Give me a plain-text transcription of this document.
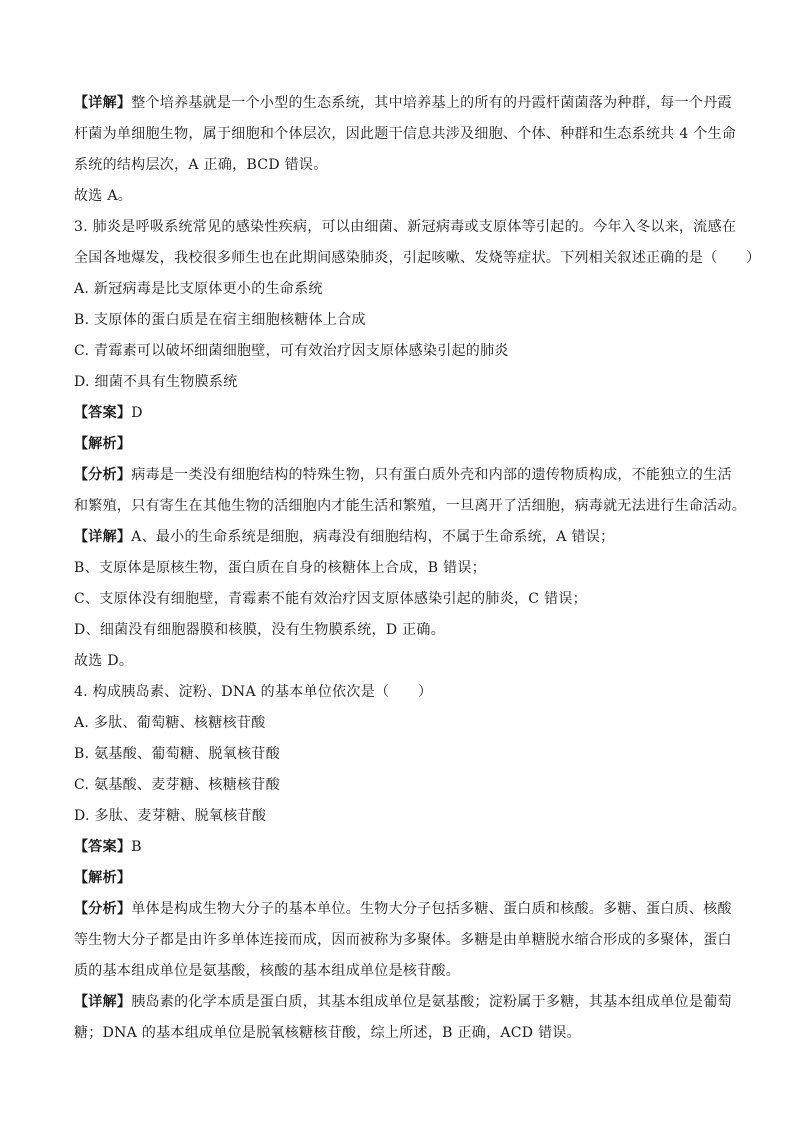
【详解】整个培养基就是一个小型的生态系统，其中培养基上的所有的丹霞杆菌菌落为种群，每一个丹霞
杆菌为单细胞生物，属于细胞和个体层次，因此题干信息共涉及细胞、个体、种群和生态系统共 4 个生命
系统的结构层次，A 正确，BCD 错误。
故选 A。
3. 肺炎是呼吸系统常见的感染性疾病，可以由细菌、新冠病毒或支原体等引起的。今年入冬以来，流感在
全国各地爆发，我校很多师生也在此期间感染肺炎，引起咳嗽、发烧等症状。下列相关叙述正确的是（　　）
A. 新冠病毒是比支原体更小的生命系统
B. 支原体的蛋白质是在宿主细胞核糖体上合成
C. 青霉素可以破坏细菌细胞壁，可有效治疗因支原体感染引起的肺炎
D. 细菌不具有生物膜系统
【答案】D
【解析】
【分析】病毒是一类没有细胞结构的特殊生物，只有蛋白质外壳和内部的遗传物质构成，不能独立的生活
和繁殖，只有寄生在其他生物的活细胞内才能生活和繁殖，一旦离开了活细胞，病毒就无法进行生命活动。
【详解】A、最小的生命系统是细胞，病毒没有细胞结构，不属于生命系统，A 错误；
B、支原体是原核生物，蛋白质在自身的核糖体上合成，B 错误；
C、支原体没有细胞壁，青霉素不能有效治疗因支原体感染引起的肺炎，C 错误；
D、细菌没有细胞器膜和核膜，没有生物膜系统，D 正确。
故选 D。
4. 构成胰岛素、淀粉、DNA 的基本单位依次是（　　）
A. 多肽、葡萄糖、核糖核苷酸
B. 氨基酸、葡萄糖、脱氧核苷酸
C. 氨基酸、麦芽糖、核糖核苷酸
D. 多肽、麦芽糖、脱氧核苷酸
【答案】B
【解析】
【分析】单体是构成生物大分子的基本单位。生物大分子包括多糖、蛋白质和核酸。多糖、蛋白质、核酸
等生物大分子都是由许多单体连接而成，因而被称为多聚体。多糖是由单糖脱水缩合形成的多聚体，蛋白
质的基本组成单位是氨基酸，核酸的基本组成单位是核苷酸。
【详解】胰岛素的化学本质是蛋白质，其基本组成单位是氨基酸；淀粉属于多糖，其基本组成单位是葡萄
糖；DNA 的基本组成单位是脱氧核糖核苷酸，综上所述，B 正确，ACD 错误。
